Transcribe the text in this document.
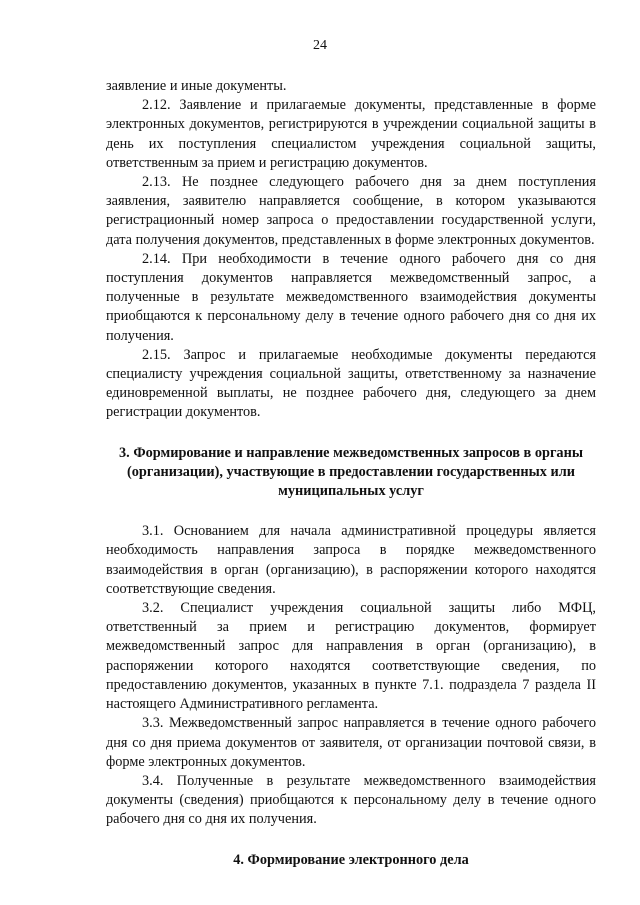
24

заявление и иные документы.

2.12. Заявление и прилагаемые документы, представленные в форме электронных документов, регистрируются в учреждении социальной защиты в день их поступления специалистом учреждения социальной защиты, ответственным за прием и регистрацию документов.

2.13. Не позднее следующего рабочего дня за днем поступления заявления, заявителю направляется сообщение, в котором указываются регистрационный номер запроса о предоставлении государственной услуги, дата получения документов, представленных в форме электронных документов.

2.14. При необходимости в течение одного рабочего дня со дня поступления документов направляется межведомственный запрос, а полученные в результате межведомственного взаимодействия документы приобщаются к персональному делу в течение одного рабочего дня со дня их получения.

2.15. Запрос и прилагаемые необходимые документы передаются специалисту учреждения социальной защиты, ответственному за назначение единовременной выплаты, не позднее рабочего дня, следующего за днем регистрации документов.

3. Формирование и направление межведомственных запросов в органы (организации), участвующие в предоставлении государственных или муниципальных услуг

3.1. Основанием для начала административной процедуры является необходимость направления запроса в порядке межведомственного взаимодействия в орган (организацию), в распоряжении которого находятся соответствующие сведения.

3.2. Специалист учреждения социальной защиты либо МФЦ, ответственный за прием и регистрацию документов, формирует межведомственный запрос для направления в орган (организацию), в распоряжении которого находятся соответствующие сведения, по предоставлению документов, указанных в пункте 7.1. подраздела 7 раздела II настоящего Административного регламента.

3.3. Межведомственный запрос направляется в течение одного рабочего дня со дня приема документов от заявителя, от организации почтовой связи, в форме электронных документов.

3.4. Полученные в результате межведомственного взаимодействия документы (сведения) приобщаются к персональному делу в течение одного рабочего дня со дня их получения.

4. Формирование электронного дела
